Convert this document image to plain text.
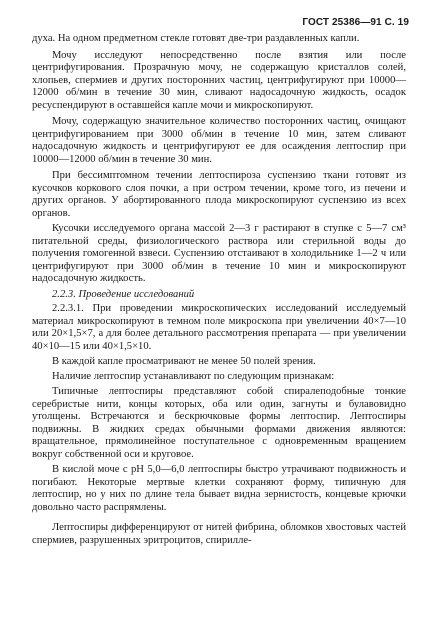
ГОСТ 25386—91 С. 19

духа. На одном предметном стекле готовят две-три раздавленных капли.

Мочу исследуют непосредственно после взятия или после центрифугирования. Прозрачную мочу, не содержащую кристаллов солей, хлопьев, спермиев и других посторонних частиц, центрифугируют при 10000—12000 об/мин в течение 30 мин, сливают надосадочную жидкость, осадок ресуспендируют в оставшейся капле мочи и микроскопируют.

Мочу, содержащую значительное количество посторонних частиц, очищают центрифугированием при 3000 об/мин в течение 10 мин, затем сливают надосадочную жидкость и центрифугируют ее для осаждения лептоспир при 10000—12000 об/мин в течение 30 мин.

При бессимптомном течении лептоспироза суспензию ткани готовят из кусочков коркового слоя почки, а при остром течении, кроме того, из печени и других органов. У абортированного плода микроскопируют суспензию из всех органов.

Кусочки исследуемого органа массой 2—3 г растирают в ступке с 5—7 см³ питательной среды, физиологического раствора или стерильной воды до получения гомогенной взвеси. Суспензию отстаивают в холодильнике 1—2 ч или центрифугируют при 3000 об/мин в течение 10 мин и микроскопируют надосадочную жидкость.

2.2.3. Проведение исследований

2.2.3.1. При проведении микроскопических исследований исследуемый материал микроскопируют в темном поле микроскопа при увеличении 40×7—10 или 20×1,5×7, а для более детального рассмотрения препарата — при увеличении 40×10—15 или 40×1,5×10.

В каждой капле просматривают не менее 50 полей зрения.

Наличие лептоспир устанавливают по следующим признакам:

Типичные лептоспиры представляют собой спиралеподобные тонкие серебристые нити, концы которых, оба или один, загнуты и булавовидно утолщены. Встречаются и бескрючковые формы лептоспир. Лептоспиры подвижны. В жидких средах обычными формами движения являются: вращательное, прямолинейное поступательное с одновременным вращением вокруг собственной оси и круговое.

В кислой моче с pH 5,0—6,0 лептоспиры быстро утрачивают подвижность и погибают. Некоторые мертвые клетки сохраняют форму, типичную для лептоспир, но у них по длине тела бывает видна зернистость, концевые крючки довольно часто распрямлены.

Лептоспиры дифференцируют от нитей фибрина, обломков хвостовых частей спермиев, разрушенных эритроцитов, спирилле-
